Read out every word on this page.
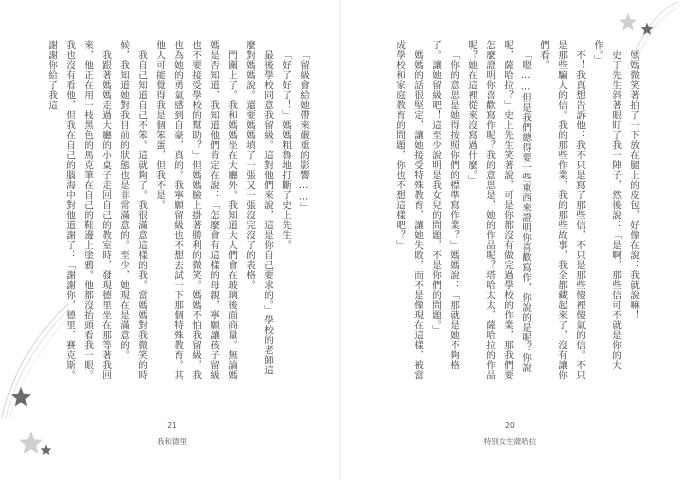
「留級會給她帶來嚴重的影響……」

「好了好了！」媽媽粗魯地打斷了史上先生。

最後學校同意我留級。這對他們來說，這是你自己要求的。」學校的老師這麼對媽媽說。還要媽媽填了一張又一張沒完沒了的表格。

門關上了。我和媽媽坐在大廳外。我知道大人們會在玻璃後面商量。無論媽媽是否知道，我知道他們肯定在說：「怎麼會有這樣的母親，寧願讓孩子留級也不要接受學校的幫助？」但媽媽臉上掛著勝利的微笑。媽媽不怕我留級，我也為她的勇氣感到自豪，真的。我寧願留級也不想去試一下那個特殊教育。其他人可能覺得我是個笨蛋，但我不是。

我自己知道自己不笨。這就夠了。我很滿意這樣的我。當媽媽對我微笑的時候，我知道她對我目前的狀態也是非常滿意的。至少，她現在是滿意的。

我跟著媽媽走過大廳的小桌子走回自己的教室時，發現德里坐在那等著我回來，他正在用一枝黑色的馬克筆在自己的鞋邊上塗鴉。他都沒抬頭看我一眼。我也沒有看他，但我在自己的腦海中對他道謝了：「謝謝你，德里．賽克斯。謝謝你給了我這

21
我和德里

媽媽微笑著拍了一下放在腿上的皮包，好像在說：我就說嘛！

史丁先生斜著眼盯了我一陣子，然後說：「是啊，那些信可不就是你的大作。」

不！我真想告訴他：我不只是寫了那些信，不只是那些傻裡傻氣的信。不只是那些騙人的信。我的那些作業，我的那些故事，我全都藏起來了，沒有讓你們看。

「嗯……但是我們總得要一些東西來證明你喜歡寫作，你說的是呢？你說呢，薩哈拉？」史上先生笑著說，可是你都沒有做完過學校的作業，那我們要怎麼證明你喜歡寫作呢？我的意思是，她的作品呢？塔哈太太，薩哈拉的作品呢？她在這裡從來沒寫過什麼。」

「你的意思是她得按照你們的標準寫作業？」媽媽說：「那就是她不夠格了。讓她留級吧！這至少說明是我女兒的問題，不是你們的問題。」

媽媽的話很堅定，讓她接受特殊教育，讓她失敗，而不是像現在這樣，被當成學校和家庭教育的問題，你也不想這樣吧？」

20
特別女生薩哈拉
